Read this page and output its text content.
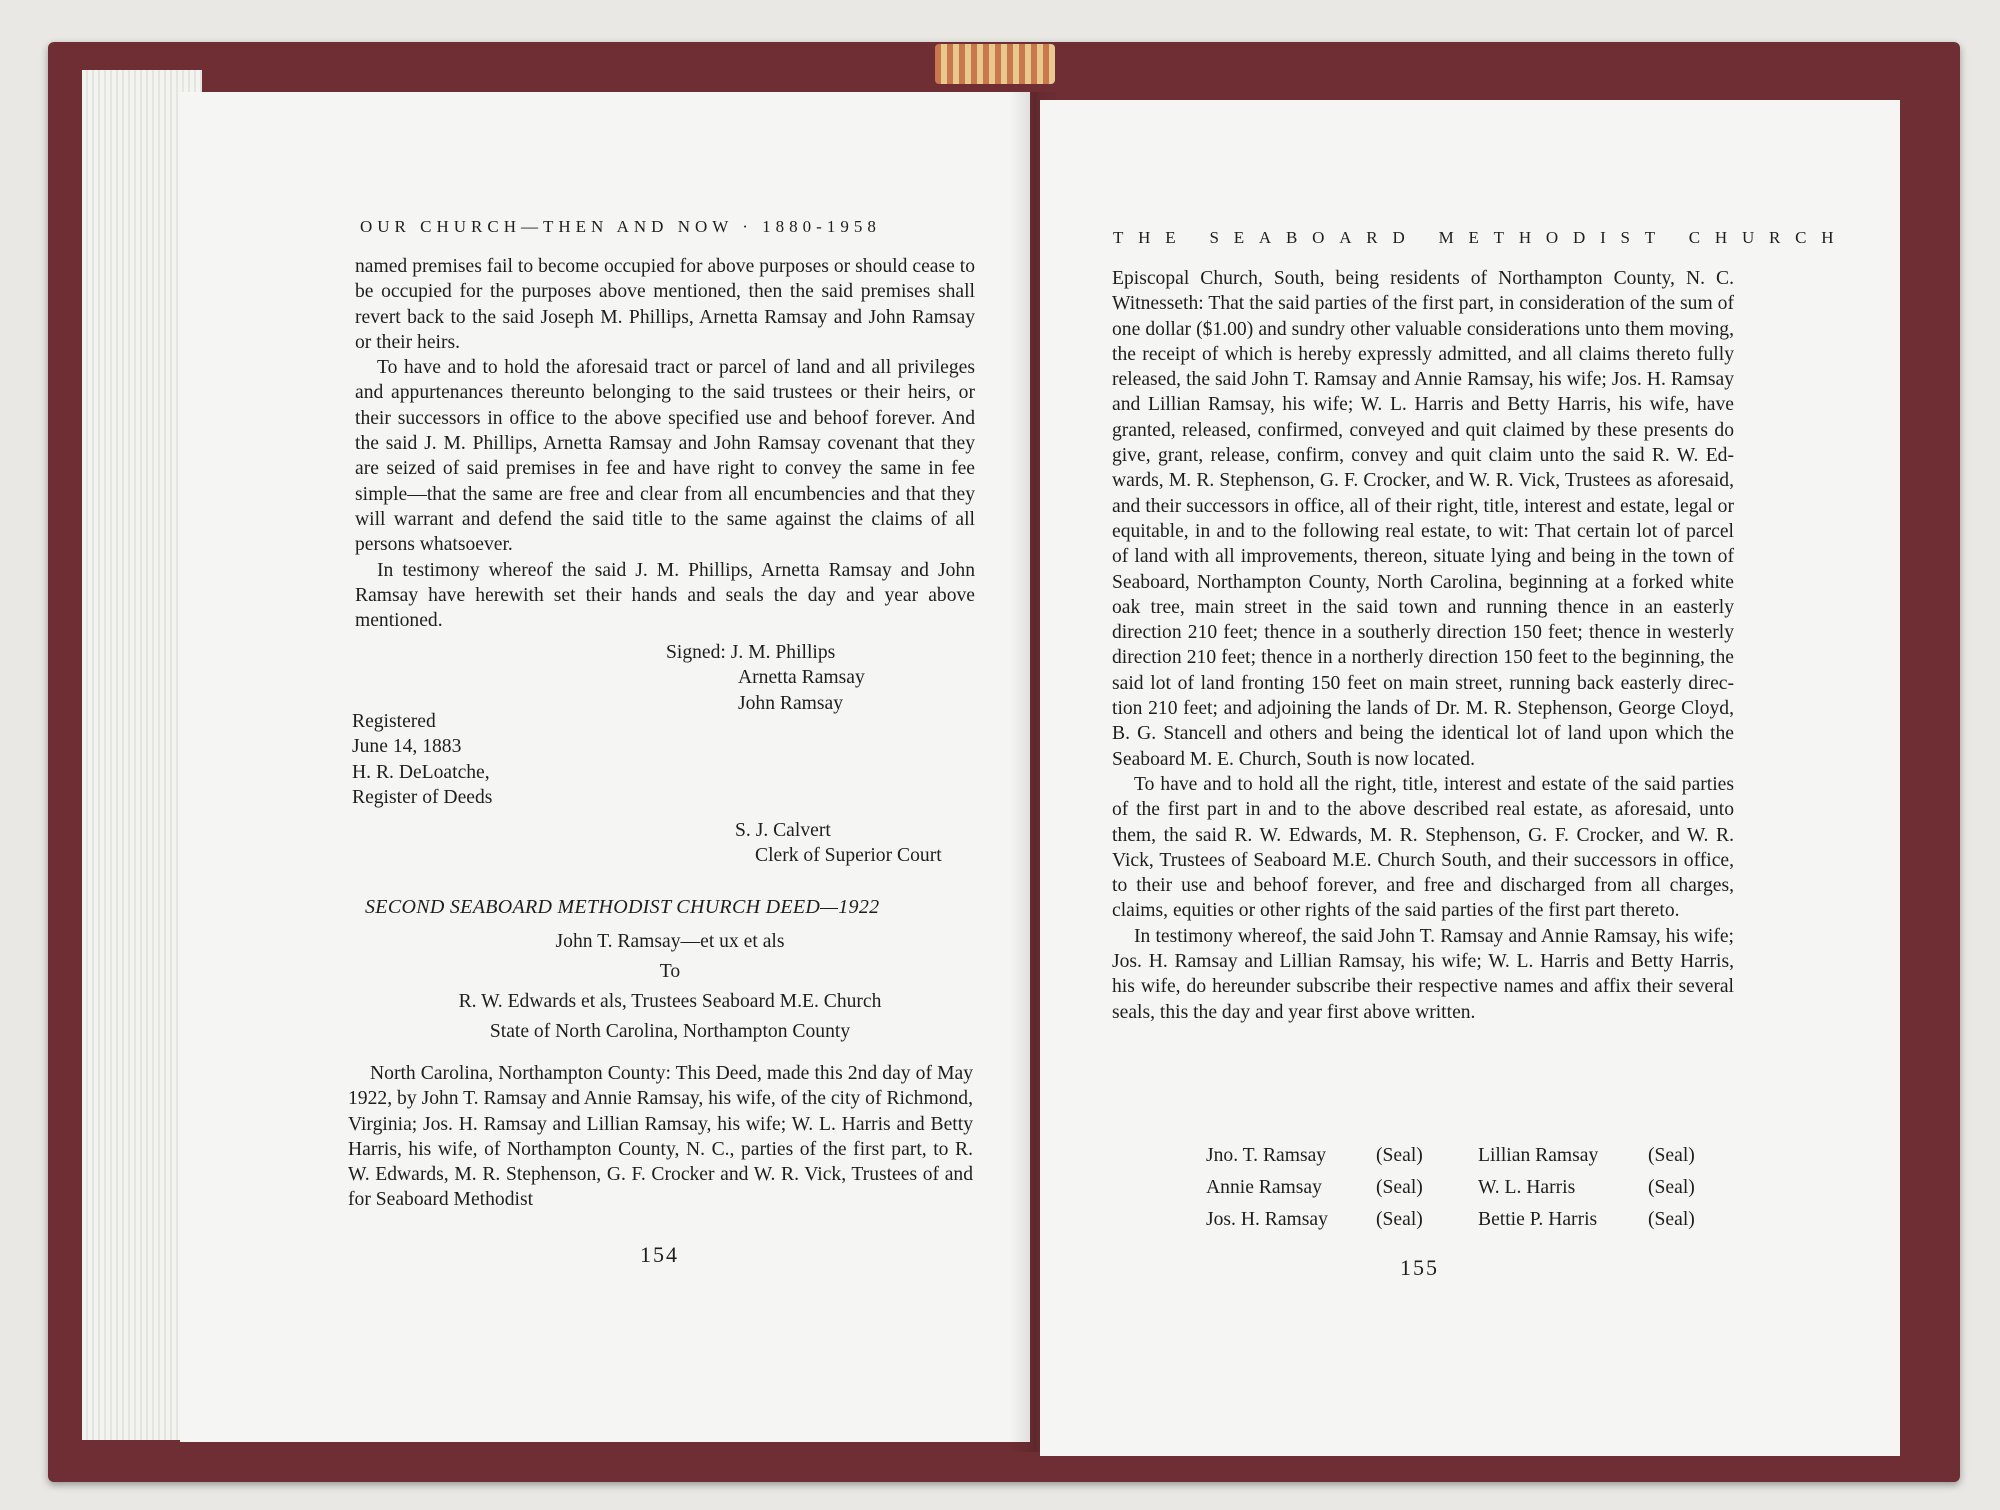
OUR CHURCH—THEN AND NOW · 1880-1958

named premises fail to become occupied for above purposes or should cease to be occupied for the purposes above mentioned, then the said premises shall revert back to the said Joseph M. Phillips, Arnetta Ramsay and John Ramsay or their heirs.

To have and to hold the aforesaid tract or parcel of land and all privileges and appurtenances thereunto belonging to the said trustees or their heirs, or their successors in office to the above specified use and behoof forever. And the said J. M. Phillips, Arnetta Ramsay and John Ramsay covenant that they are seized of said premises in fee and have right to convey the same in fee simple—that the same are free and clear from all encumbencies and that they will warrant and defend the said title to the same against the claims of all persons whatsoever.

In testimony whereof the said J. M. Phillips, Arnetta Ramsay and John Ramsay have herewith set their hands and seals the day and year above mentioned.

Signed: J. M. Phillips
Arnetta Ramsay
John Ramsay
Registered
June 14, 1883
H. R. DeLoatche,
Register of Deeds
S. J. Calvert
Clerk of Superior Court
SECOND SEABOARD METHODIST CHURCH DEED—1922
John T. Ramsay—et ux et als
To
R. W. Edwards et als, Trustees Seaboard M.E. Church
State of North Carolina, Northampton County

North Carolina, Northampton County: This Deed, made this 2nd day of May 1922, by John T. Ramsay and Annie Ramsay, his wife, of the city of Richmond, Virginia; Jos. H. Ramsay and Lillian Ramsay, his wife; W. L. Harris and Betty Harris, his wife, of Northampton County, N. C., parties of the first part, to R. W. Edwards, M. R. Stephenson, G. F. Crocker and W. R. Vick, Trustees of and for Seaboard Methodist

154
THE SEABOARD METHODIST CHURCH

Episcopal Church, South, being residents of Northampton County, N. C. Witnesseth: That the said parties of the first part, in consideration of the sum of one dollar ($1.00) and sundry other valuable considerations unto them moving, the receipt of which is hereby expressly admitted, and all claims thereto fully released, the said John T. Ramsay and Annie Ramsay, his wife; Jos. H. Ramsay and Lillian Ramsay, his wife; W. L. Harris and Betty Harris, his wife, have granted, released, confirmed, conveyed and quit claimed by these presents do give, grant, release, confirm, convey and quit claim unto the said R. W. Edwards, M. R. Stephenson, G. F. Crocker, and W. R. Vick, Trustees as aforesaid, and their successors in office, all of their right, title, interest and estate, legal or equitable, in and to the following real estate, to wit: That certain lot of parcel of land with all improvements, thereon, situate lying and being in the town of Seaboard, Northampton County, North Carolina, beginning at a forked white oak tree, main street in the said town and running thence in an easterly direction 210 feet; thence in a southerly direction 150 feet; thence in westerly direction 210 feet; thence in a northerly direction 150 feet to the beginning, the said lot of land fronting 150 feet on main street, running back easterly direction 210 feet; and adjoining the lands of Dr. M. R. Stephenson, George Cloyd, B. G. Stancell and others and being the identical lot of land upon which the Seaboard M. E. Church, South is now located.

To have and to hold all the right, title, interest and estate of the said parties of the first part in and to the above described real estate, as aforesaid, unto them, the said R. W. Edwards, M. R. Stephenson, G. F. Crocker, and W. R. Vick, Trustees of Seaboard M.E. Church South, and their successors in office, to their use and behoof forever, and free and discharged from all charges, claims, equities or other rights of the said parties of the first part thereto.

In testimony whereof, the said John T. Ramsay and Annie Ramsay, his wife; Jos. H. Ramsay and Lillian Ramsay, his wife; W. L. Harris and Betty Harris, his wife, do hereunder subscribe their respective names and affix their several seals, this the day and year first above written.

Jno. T. Ramsay	(Seal)	Lillian Ramsay	(Seal)
Annie Ramsay	(Seal)	W. L. Harris	(Seal)
Jos. H. Ramsay	(Seal)	Bettie P. Harris	(Seal)
155
